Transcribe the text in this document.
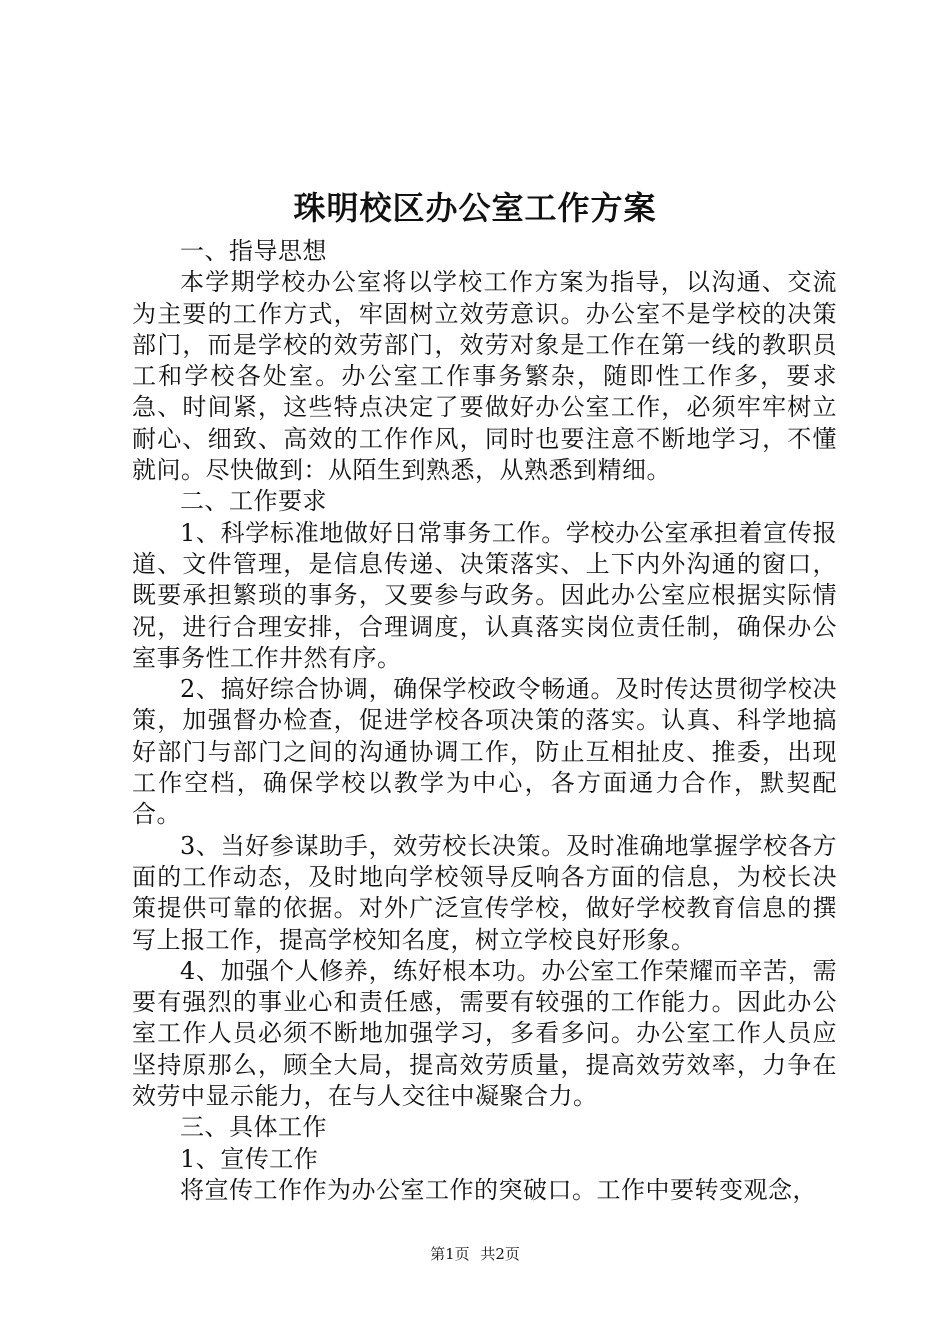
珠明校区办公室工作方案

一、指导思想

本学期学校办公室将以学校工作方案为指导，以沟通、交流为主要的工作方式，牢固树立效劳意识。办公室不是学校的决策部门，而是学校的效劳部门，效劳对象是工作在第一线的教职员工和学校各处室。办公室工作事务繁杂，随即性工作多，要求急、时间紧，这些特点决定了要做好办公室工作，必须牢牢树立耐心、细致、高效的工作作风，同时也要注意不断地学习，不懂就问。尽快做到：从陌生到熟悉，从熟悉到精细。

二、工作要求

1、科学标准地做好日常事务工作。学校办公室承担着宣传报道、文件管理，是信息传递、决策落实、上下内外沟通的窗口，既要承担繁琐的事务，又要参与政务。因此办公室应根据实际情况，进行合理安排，合理调度，认真落实岗位责任制，确保办公室事务性工作井然有序。

2、搞好综合协调，确保学校政令畅通。及时传达贯彻学校决策，加强督办检查，促进学校各项决策的落实。认真、科学地搞好部门与部门之间的沟通协调工作，防止互相扯皮、推委，出现工作空档，确保学校以教学为中心，各方面通力合作，默契配合。

3、当好参谋助手，效劳校长决策。及时准确地掌握学校各方面的工作动态，及时地向学校领导反响各方面的信息，为校长决策提供可靠的依据。对外广泛宣传学校，做好学校教育信息的撰写上报工作，提高学校知名度，树立学校良好形象。

4、加强个人修养，练好根本功。办公室工作荣耀而辛苦，需要有强烈的事业心和责任感，需要有较强的工作能力。因此办公室工作人员必须不断地加强学习，多看多问。办公室工作人员应坚持原那么，顾全大局，提高效劳质量，提高效劳效率，力争在效劳中显示能力，在与人交往中凝聚合力。

三、具体工作

1、宣传工作

将宣传工作作为办公室工作的突破口。工作中要转变观念，

第1页 共2页
